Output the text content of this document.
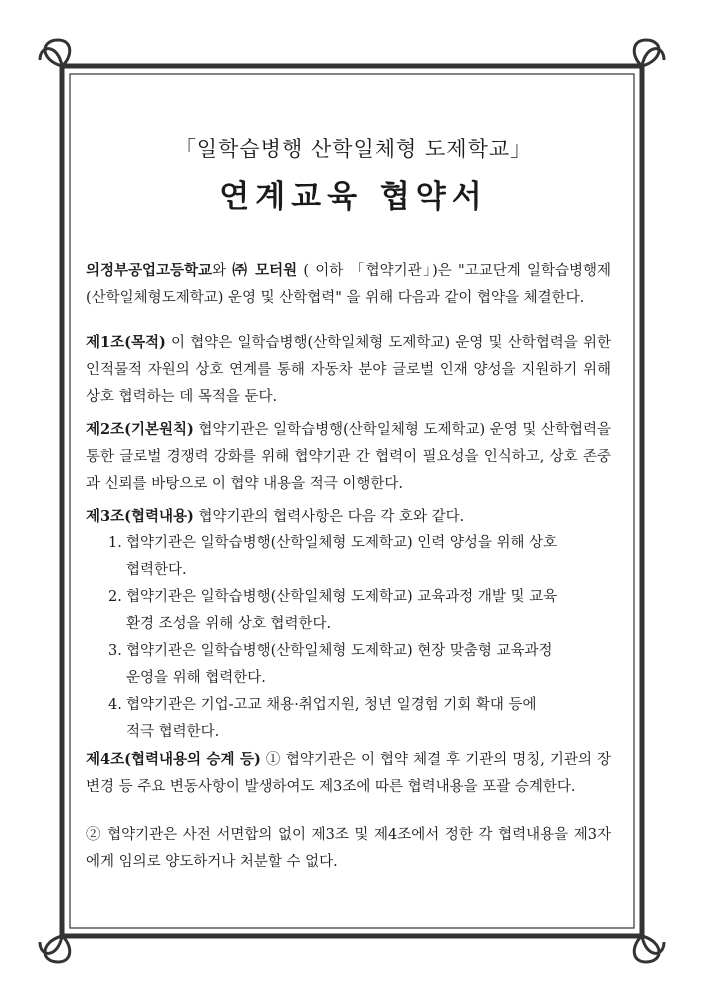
「일학습병행 산학일체형 도제학교」
연계교육 협약서
의정부공업고등학교와 ㈜ 모터원 ( 이하 「협약기관」)은 "고교단계 일학습병행제(산학일체형도제학교) 운영 및 산학협력" 을 위해 다음과 같이 협약을 체결한다.
제1조(목적) 이 협약은 일학습병행(산학일체형 도제학교) 운영 및 산학협력을 위한 인적물적 자원의 상호 연계를 통해 자동차 분야 글로벌 인재 양성을 지원하기 위해 상호 협력하는 데 목적을 둔다.
제2조(기본원칙) 협약기관은 일학습병행(산학일체형 도제학교) 운영 및 산학협력을 통한 글로벌 경쟁력 강화를 위해 협약기관 간 협력이 필요성을 인식하고, 상호 존중과 신뢰를 바탕으로 이 협약 내용을 적극 이행한다.
제3조(협력내용) 협약기관의 협력사항은 다음 각 호와 같다.
1. 협약기관은 일학습병행(산학일체형 도제학교) 인력 양성을 위해 상호
협력한다.
2. 협약기관은 일학습병행(산학일체형 도제학교) 교육과정 개발 및 교육
환경 조성을 위해 상호 협력한다.
3. 협약기관은 일학습병행(산학일체형 도제학교) 현장 맞춤형 교육과정
운영을 위해 협력한다.
4. 협약기관은 기업-고교 채용·취업지원, 청년 일경험 기회 확대 등에
적극 협력한다.
제4조(협력내용의 승계 등) ① 협약기관은 이 협약 체결 후 기관의 명칭, 기관의 장 변경 등 주요 변동사항이 발생하여도 제3조에 따른 협력내용을 포괄 승계한다.
② 협약기관은 사전 서면합의 없이 제3조 및 제4조에서 정한 각 협력내용을 제3자에게 임의로 양도하거나 처분할 수 없다.
